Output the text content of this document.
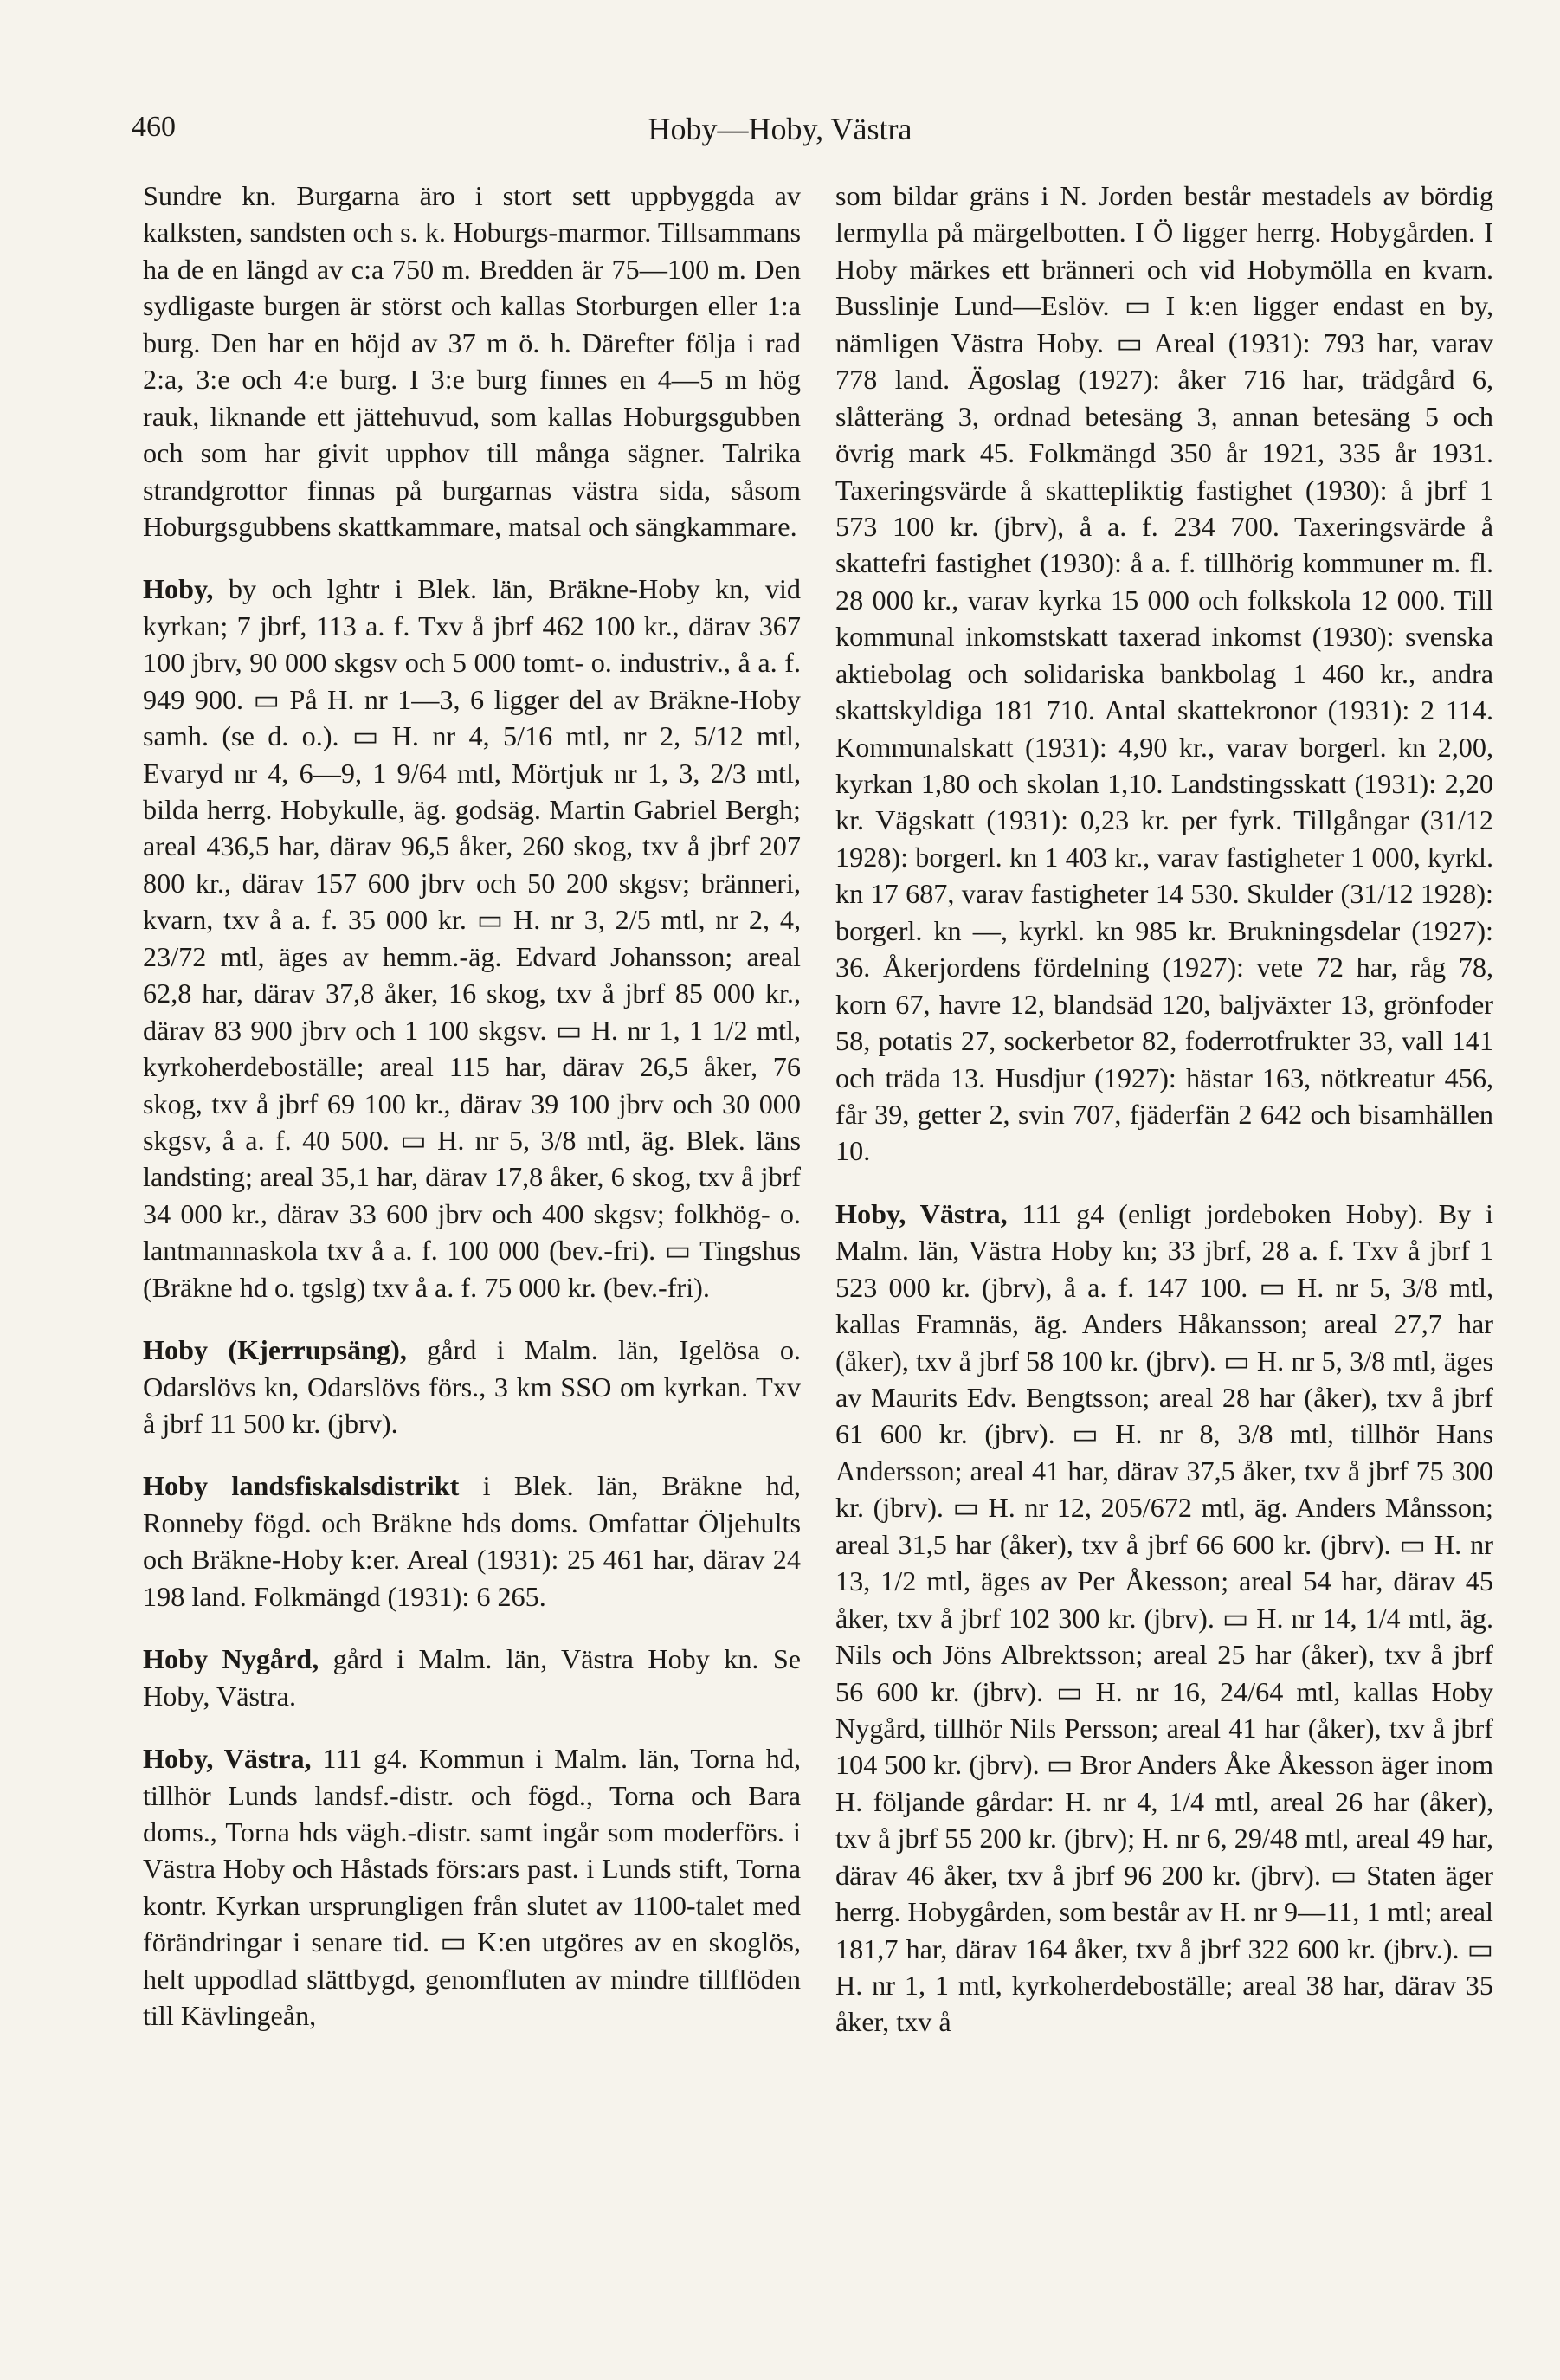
460	Hoby—Hoby, Västra

Sundre kn. Burgarna äro i stort sett uppbyggda av kalksten, sandsten och s. k. Hoburgs-marmor. Tillsammans ha de en längd av c:a 750 m. Bredden är 75—100 m. Den sydligaste burgen är störst och kallas Storburgen eller 1:a burg. Den har en höjd av 37 m ö. h. Därefter följa i rad 2:a, 3:e och 4:e burg. I 3:e burg finnes en 4—5 m hög rauk, liknande ett jättehuvud, som kallas Hoburgsgubben och som har givit upphov till många sägner. Talrika strandgrottor finnas på burgarnas västra sida, såsom Hoburgsgubbens skattkammare, matsal och sängkammare.

Hoby, by och lghtr i Blek. län, Bräkne-Hoby kn, vid kyrkan; 7 jbrf, 113 a. f. Txv å jbrf 462 100 kr., därav 367 100 jbrv, 90 000 skgsv och 5 000 tomt- o. industriv., å a. f. 949 900. ▭ På H. nr 1—3, 6 ligger del av Bräkne-Hoby samh. (se d. o.). ▭ H. nr 4, 5/16 mtl, nr 2, 5/12 mtl, Evaryd nr 4, 6—9, 1 9/64 mtl, Mörtjuk nr 1, 3, 2/3 mtl, bilda herrg. Hobykulle, äg. godsäg. Martin Gabriel Bergh; areal 436,5 har, därav 96,5 åker, 260 skog, txv å jbrf 207 800 kr., därav 157 600 jbrv och 50 200 skgsv; bränneri, kvarn, txv å a. f. 35 000 kr. ▭ H. nr 3, 2/5 mtl, nr 2, 4, 23/72 mtl, äges av hemm.-äg. Edvard Johansson; areal 62,8 har, därav 37,8 åker, 16 skog, txv å jbrf 85 000 kr., därav 83 900 jbrv och 1 100 skgsv. ▭ H. nr 1, 1 1/2 mtl, kyrkoherdeboställe; areal 115 har, därav 26,5 åker, 76 skog, txv å jbrf 69 100 kr., därav 39 100 jbrv och 30 000 skgsv, å a. f. 40 500. ▭ H. nr 5, 3/8 mtl, äg. Blek. läns landsting; areal 35,1 har, därav 17,8 åker, 6 skog, txv å jbrf 34 000 kr., därav 33 600 jbrv och 400 skgsv; folkhög- o. lantmannaskola txv å a. f. 100 000 (bev.-fri). ▭ Tingshus (Bräkne hd o. tgslg) txv å a. f. 75 000 kr. (bev.-fri).

Hoby (Kjerrupsäng), gård i Malm. län, Igelösa o. Odarslövs kn, Odarslövs förs., 3 km SSO om kyrkan. Txv å jbrf 11 500 kr. (jbrv).

Hoby landsfiskalsdistrikt i Blek. län, Bräkne hd, Ronneby fögd. och Bräkne hds doms. Omfattar Öljehults och Bräkne-Hoby k:er. Areal (1931): 25 461 har, därav 24 198 land. Folkmängd (1931): 6 265.

Hoby Nygård, gård i Malm. län, Västra Hoby kn. Se Hoby, Västra.

Hoby, Västra, 111 g4. Kommun i Malm. län, Torna hd, tillhör Lunds landsf.-distr. och fögd., Torna och Bara doms., Torna hds vägh.-distr. samt ingår som moderförs. i Västra Hoby och Håstads förs:ars past. i Lunds stift, Torna kontr. Kyrkan ursprungligen från slutet av 1100-talet med förändringar i senare tid. ▭ K:en utgöres av en skoglös, helt uppodlad slättbygd, genomfluten av mindre tillflöden till Kävlingeån,

som bildar gräns i N. Jorden består mestadels av bördig lermylla på märgelbotten. I Ö ligger herrg. Hobygården. I Hoby märkes ett bränneri och vid Hobymölla en kvarn. Busslinje Lund—Eslöv. ▭ I k:en ligger endast en by, nämligen Västra Hoby. ▭ Areal (1931): 793 har, varav 778 land. Ägoslag (1927): åker 716 har, trädgård 6, slåtteräng 3, ordnad betesäng 3, annan betesäng 5 och övrig mark 45. Folkmängd 350 år 1921, 335 år 1931. Taxeringsvärde å skattepliktig fastighet (1930): å jbrf 1 573 100 kr. (jbrv), å a. f. 234 700. Taxeringsvärde å skattefri fastighet (1930): å a. f. tillhörig kommuner m. fl. 28 000 kr., varav kyrka 15 000 och folkskola 12 000. Till kommunal inkomstskatt taxerad inkomst (1930): svenska aktiebolag och solidariska bankbolag 1 460 kr., andra skattskyldiga 181 710. Antal skattekronor (1931): 2 114. Kommunalskatt (1931): 4,90 kr., varav borgerl. kn 2,00, kyrkan 1,80 och skolan 1,10. Landstingsskatt (1931): 2,20 kr. Vägskatt (1931): 0,23 kr. per fyrk. Tillgångar (31/12 1928): borgerl. kn 1 403 kr., varav fastigheter 1 000, kyrkl. kn 17 687, varav fastigheter 14 530. Skulder (31/12 1928): borgerl. kn —, kyrkl. kn 985 kr. Brukningsdelar (1927): 36. Åkerjordens fördelning (1927): vete 72 har, råg 78, korn 67, havre 12, blandsäd 120, baljväxter 13, grönfoder 58, potatis 27, sockerbetor 82, foderrotfrukter 33, vall 141 och träda 13. Husdjur (1927): hästar 163, nötkreatur 456, får 39, getter 2, svin 707, fjäderfän 2 642 och bisamhällen 10.

Hoby, Västra, 111 g4 (enligt jordeboken Hoby). By i Malm. län, Västra Hoby kn; 33 jbrf, 28 a. f. Txv å jbrf 1 523 000 kr. (jbrv), å a. f. 147 100. ▭ H. nr 5, 3/8 mtl, kallas Framnäs, äg. Anders Håkansson; areal 27,7 har (åker), txv å jbrf 58 100 kr. (jbrv). ▭ H. nr 5, 3/8 mtl, äges av Maurits Edv. Bengtsson; areal 28 har (åker), txv å jbrf 61 600 kr. (jbrv). ▭ H. nr 8, 3/8 mtl, tillhör Hans Andersson; areal 41 har, därav 37,5 åker, txv å jbrf 75 300 kr. (jbrv). ▭ H. nr 12, 205/672 mtl, äg. Anders Månsson; areal 31,5 har (åker), txv å jbrf 66 600 kr. (jbrv). ▭ H. nr 13, 1/2 mtl, äges av Per Åkesson; areal 54 har, därav 45 åker, txv å jbrf 102 300 kr. (jbrv). ▭ H. nr 14, 1/4 mtl, äg. Nils och Jöns Albrektsson; areal 25 har (åker), txv å jbrf 56 600 kr. (jbrv). ▭ H. nr 16, 24/64 mtl, kallas Hoby Nygård, tillhör Nils Persson; areal 41 har (åker), txv å jbrf 104 500 kr. (jbrv). ▭ Bror Anders Åke Åkesson äger inom H. följande gårdar: H. nr 4, 1/4 mtl, areal 26 har (åker), txv å jbrf 55 200 kr. (jbrv); H. nr 6, 29/48 mtl, areal 49 har, därav 46 åker, txv å jbrf 96 200 kr. (jbrv). ▭ Staten äger herrg. Hobygården, som består av H. nr 9—11, 1 mtl; areal 181,7 har, därav 164 åker, txv å jbrf 322 600 kr. (jbrv.). ▭ H. nr 1, 1 mtl, kyrkoherdeboställe; areal 38 har, därav 35 åker, txv å
